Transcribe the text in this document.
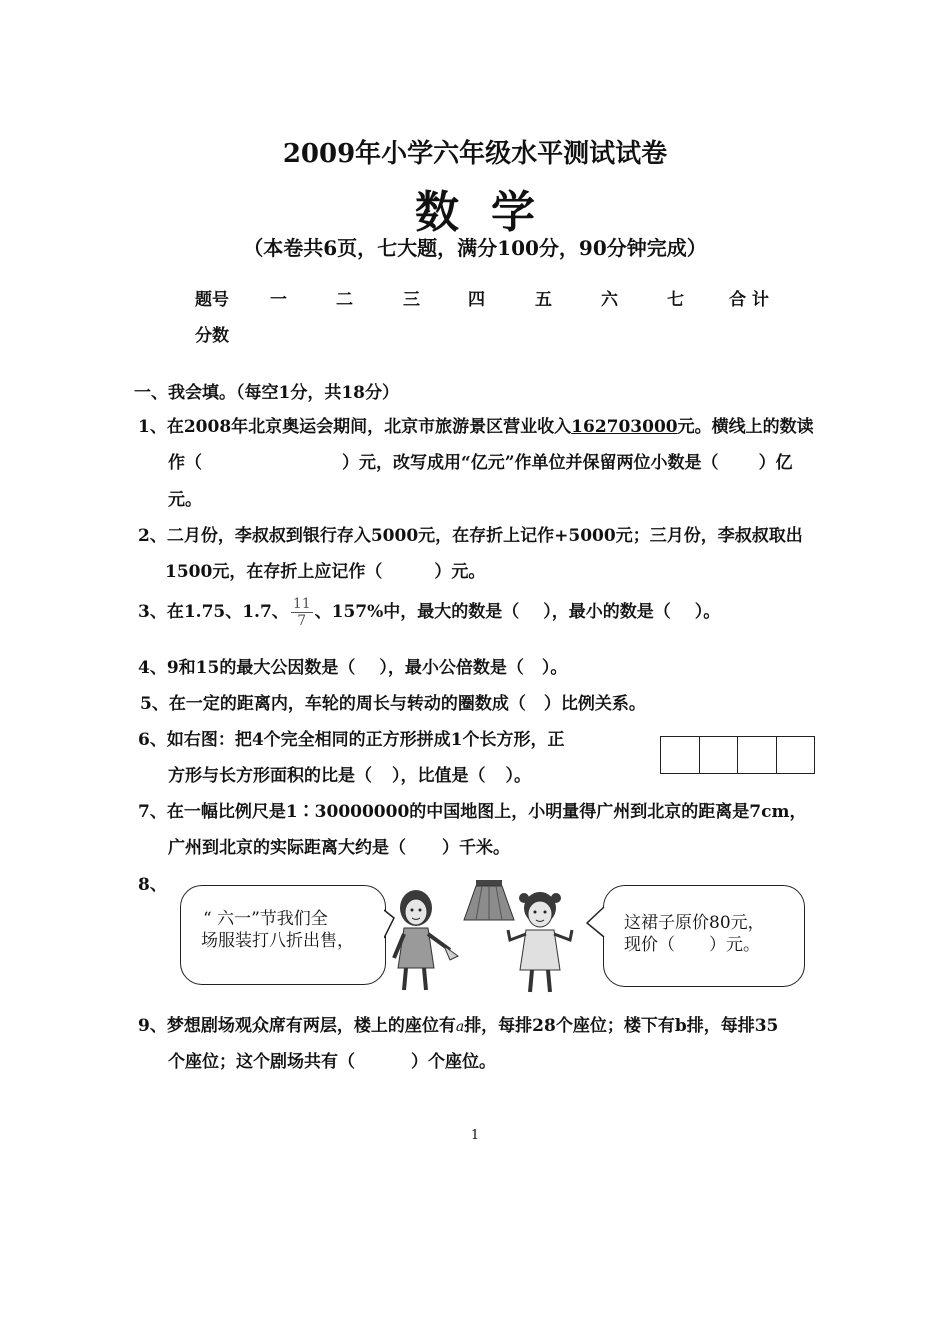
2009年小学六年级水平测试试卷
数学
（本卷共6页，七大题，满分100分，90分钟完成）
题号 一	二	三	四	五	六	七	合 计
分数
一、我会填。（每空1分，共18分）
1、在2008年北京奥运会期间，北京市旅游景区营业收入162703000元。横线上的数读
作（	）元，改写成用“亿元”作单位并保留两位小数是（ ）亿
元。
2、二月份，李叔叔到银行存入5000元，在存折上记作+5000元；三月份，李叔叔取出
1500元，在存折上应记作（	）元。
3、在1.75、1.7、 $\frac{11}{7}$ 、157%中，最大的数是（ ），最小的数是（ ）。
4、9和15的最大公因数是（ ），最小公倍数是（ ）。
5、在一定的距离内，车轮的周长与转动的圈数成（ ）比例关系。
6、如右图：把4个完全相同的正方形拼成1个长方形，正
方形与长方形面积的比是（ ），比值是（ ）。
7、在一幅比例尺是1∶30000000的中国地图上，小明量得广州到北京的距离是7cm，
广州到北京的实际距离大约是（ ）千米。
8、
“ 六一”节我们全
场服装打八折出售，
这裙子原价80元，
现价（ ）元。
9、梦想剧场观众席有两层，楼上的座位有a排，每排28个座位；楼下有b排，每排35
个座位；这个剧场共有（	）个座位。
1
